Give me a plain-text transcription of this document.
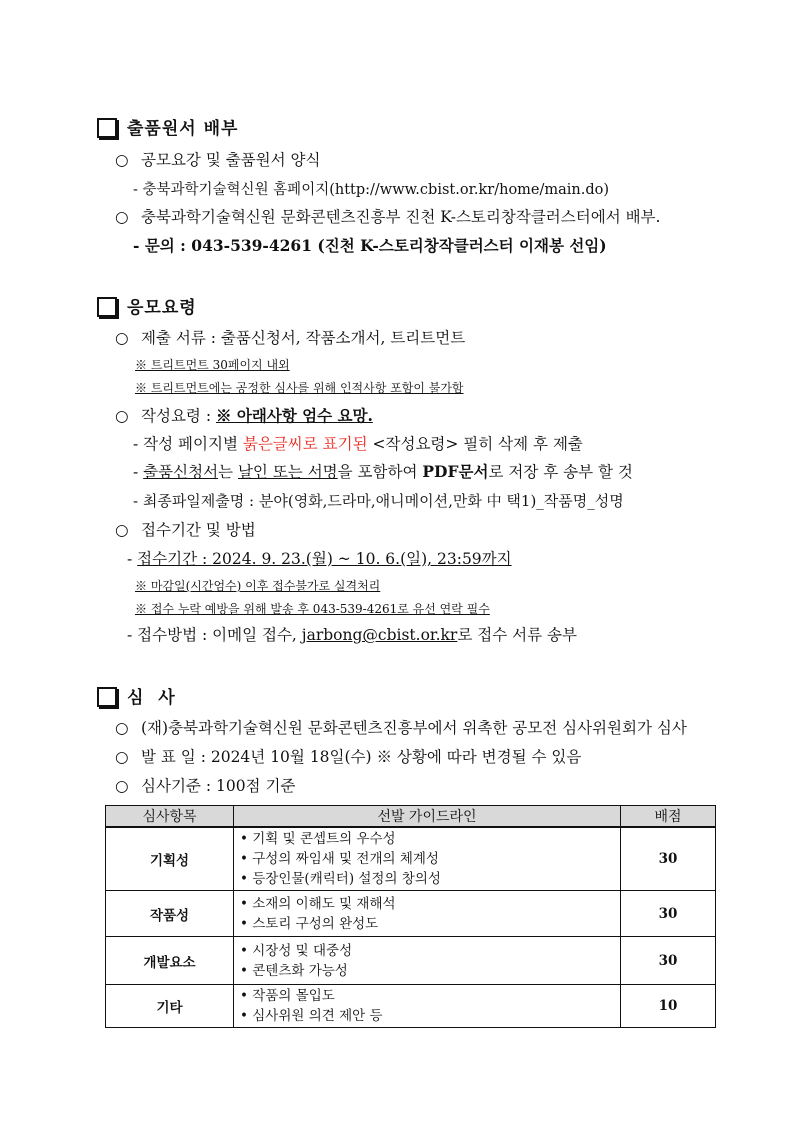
출품원서 배부
○ 공모요강 및 출품원서 양식
- 충북과학기술혁신원 홈페이지(http://www.cbist.or.kr/home/main.do)
○ 충북과학기술혁신원 문화콘텐츠진흥부 진천 K-스토리창작클러스터에서 배부.
- 문의 : 043-539-4261 (진천 K-스토리창작클러스터 이재봉 선임)
응모요령
○ 제출 서류 : 출품신청서, 작품소개서, 트리트먼트
※ 트리트먼트 30페이지 내외
※ 트리트먼트에는 공정한 심사를 위해 인적사항 포함이 불가함
○ 작성요령 : ※ 아래사항 엄수 요망.
- 작성 페이지별 붉은글씨로 표기된 <작성요령> 필히 삭제 후 제출
- 출품신청서는 날인 또는 서명을 포함하여 PDF문서로 저장 후 송부 할 것
- 최종파일제출명 : 분야(영화,드라마,애니메이션,만화 中 택1)_작품명_성명
○ 접수기간 및 방법
- 접수기간 : 2024. 9. 23.(월) ~ 10. 6.(일), 23:59까지
※ 마감일(시간엄수) 이후 접수불가로 실격처리
※ 접수 누락 예방을 위해 발송 후 043-539-4261로 유선 연락 필수
- 접수방법 : 이메일 접수, jarbong@cbist.or.kr로 접수 서류 송부
심  사
○ (재)충북과학기술혁신원 문화콘텐츠진흥부에서 위촉한 공모전 심사위원회가 심사
○ 발 표 일 : 2024년 10월 18일(수) ※ 상황에 따라 변경될 수 있음
○ 심사기준 : 100점 기준
심사항목	선발 가이드라인	배점
기획성	• 기획 및 콘셉트의 우수성
• 구성의 짜임새 및 전개의 체계성
• 등장인물(캐릭터) 설정의 창의성	30
작품성	• 소재의 이해도 및 재해석
• 스토리 구성의 완성도	30
개발요소	• 시장성 및 대중성
• 콘텐츠화 가능성	30
기타	• 작품의 몰입도
• 심사위원 의견 제안 등	10
